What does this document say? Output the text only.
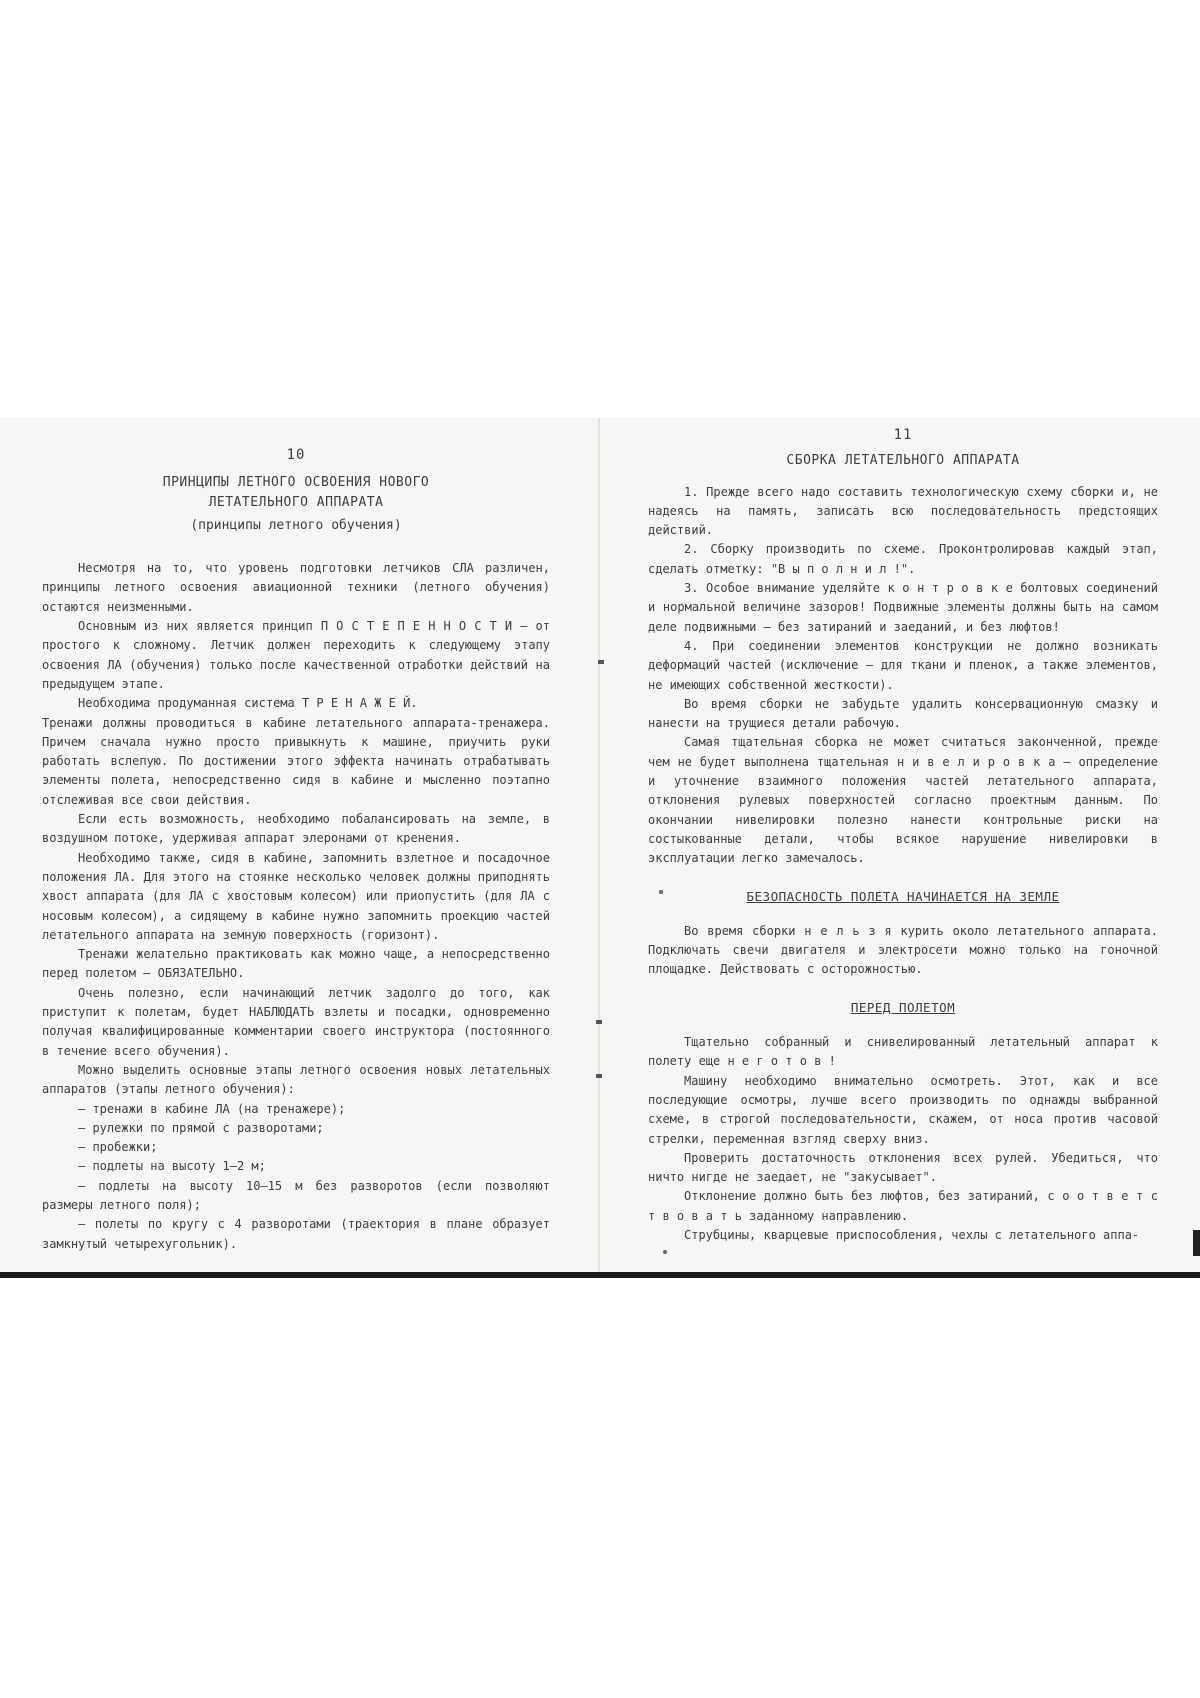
10
ПРИНЦИПЫ ЛЕТНОГО ОСВОЕНИЯ НОВОГО
ЛЕТАТЕЛЬНОГО АППАРАТА
(принципы летного обучения)
Несмотря на то, что уровень подготовки летчиков СЛА различен, принципы летного освоения авиационной техники (летного обучения) остаются неизменными.
Основным из них является принцип П О С Т Е П Е Н Н О С Т И – от простого к сложному. Летчик должен переходить к следующему этапу освоения ЛА (обучения) только после качественной отработки действий на предыдущем этапе.
Необходима продуманная система Т Р Е Н А Ж Е Й.
Тренажи должны проводиться в кабине летательного аппарата-тренажера. Причем сначала нужно просто привыкнуть к машине, приучить руки работать вслепую. По достижении этого эффекта начинать отрабатывать элементы полета, непосредственно сидя в кабине и мысленно поэтапно отслеживая все свои действия.
Если есть возможность, необходимо побалансировать на земле, в воздушном потоке, удерживая аппарат элеронами от кренения.
Необходимо также, сидя в кабине, запомнить взлетное и посадочное положения ЛА. Для этого на стоянке несколько человек должны приподнять хвост аппарата (для ЛА с хвостовым колесом) или приопустить (для ЛА с носовым колесом), а сидящему в кабине нужно запомнить проекцию частей летательного аппарата на земную поверхность (горизонт).
Тренажи желательно практиковать как можно чаще, а непосредственно перед полетом – ОБЯЗАТЕЛЬНО.
Очень полезно, если начинающий летчик задолго до того, как приступит к полетам, будет НАБЛЮДАТЬ взлеты и посадки, одновременно получая квалифицированные комментарии своего инструктора (постоянного в течение всего обучения).
Можно выделить основные этапы летного освоения новых летательных аппаратов (этапы летного обучения):
– тренажи в кабине ЛА (на тренажере);
– рулежки по прямой с разворотами;
– пробежки;
– подлеты на высоту 1–2 м;
– подлеты на высоту 10–15 м без разворотов (если позволяют размеры летного поля);
– полеты по кругу с 4 разворотами (траектория в плане образует замкнутый четырехугольник).
11
СБОРКА ЛЕТАТЕЛЬНОГО АППАРАТА
1. Прежде всего надо составить технологическую схему сборки и, не надеясь на память, записать всю последовательность предстоящих действий.
2. Сборку производить по схеме. Проконтролировав каждый этап, сделать отметку: "В ы п о л н и л !".
3. Особое внимание уделяйте к о н т р о в к е болтовых соединений и нормальной величине зазоров! Подвижные элементы должны быть на самом деле подвижными – без затираний и заеданий, и без люфтов!
4. При соединении элементов конструкции не должно возникать деформаций частей (исключение – для ткани и пленок, а также элементов, не имеющих собственной жесткости).
Во время сборки не забудьте удалить консервационную смазку и нанести на трущиеся детали рабочую.
Самая тщательная сборка не может считаться законченной, прежде чем не будет выполнена тщательная н и в е л и р о в к а – определение и уточнение взаимного положения частей летательного аппарата, отклонения рулевых поверхностей согласно проектным данным. По окончании нивелировки полезно нанести контрольные риски на состыкованные детали, чтобы всякое нарушение нивелировки в эксплуатации легко замечалось.
БЕЗОПАСНОСТЬ ПОЛЕТА НАЧИНАЕТСЯ НА ЗЕМЛЕ
Во время сборки н е л ь з я курить около летательного аппарата. Подключать свечи двигателя и электросети можно только на гоночной площадке. Действовать с осторожностью.
ПЕРЕД ПОЛЕТОМ
Тщательно собранный и снивелированный летательный аппарат к полету еще н е г о т о в !
Машину необходимо внимательно осмотреть. Этот, как и все последующие осмотры, лучше всего производить по однажды выбранной схеме, в строгой последовательности, скажем, от носа против часовой стрелки, переменная взгляд сверху вниз.
Проверить достаточность отклонения всех рулей. Убедиться, что ничто нигде не заедает, не "закусывает".
Отклонение должно быть без люфтов, без затираний, с о о т в е т с т в о в а т ь заданному направлению.
Струбцины, кварцевые приспособления, чехлы с летательного аппа-
